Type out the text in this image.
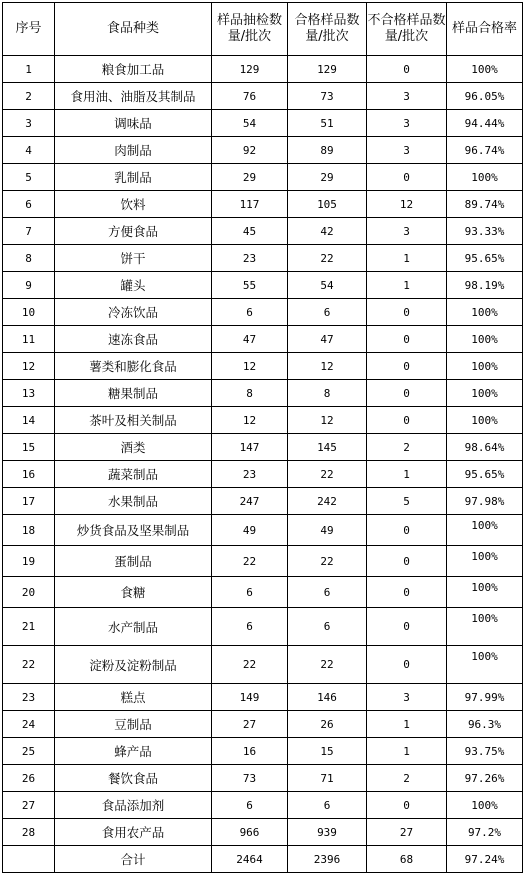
序号	食品种类	样品抽检数量/批次	合格样品数量/批次	不合格样品数量/批次	样品合格率
1	粮食加工品	129	129	0	100%
2	食用油、油脂及其制品	76	73	3	96.05%
3	调味品	54	51	3	94.44%
4	肉制品	92	89	3	96.74%
5	乳制品	29	29	0	100%
6	饮料	117	105	12	89.74%
7	方便食品	45	42	3	93.33%
8	饼干	23	22	1	95.65%
9	罐头	55	54	1	98.19%
10	冷冻饮品	6	6	0	100%
11	速冻食品	47	47	0	100%
12	薯类和膨化食品	12	12	0	100%
13	糖果制品	8	8	0	100%
14	茶叶及相关制品	12	12	0	100%
15	酒类	147	145	2	98.64%
16	蔬菜制品	23	22	1	95.65%
17	水果制品	247	242	5	97.98%
18	炒货食品及坚果制品	49	49	0	100%
19	蛋制品	22	22	0	100%
20	食糖	6	6	0	100%
21	水产制品	6	6	0	100%
22	淀粉及淀粉制品	22	22	0	100%
23	糕点	149	146	3	97.99%
24	豆制品	27	26	1	96.3%
25	蜂产品	16	15	1	93.75%
26	餐饮食品	73	71	2	97.26%
27	食品添加剂	6	6	0	100%
28	食用农产品	966	939	27	97.2%
	合计	2464	2396	68	97.24%
